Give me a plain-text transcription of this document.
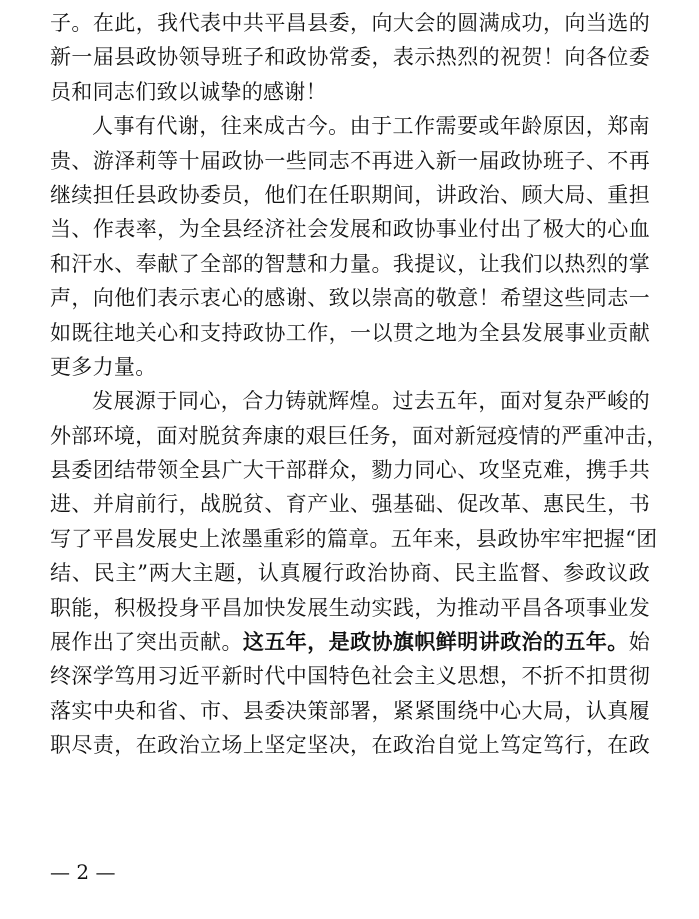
子。在此，我代表中共平昌县委，向大会的圆满成功，向当选的
新一届县政协领导班子和政协常委，表示热烈的祝贺！向各位委
员和同志们致以诚挚的感谢！
人事有代谢，往来成古今。由于工作需要或年龄原因，郑南
贵、游泽莉等十届政协一些同志不再进入新一届政协班子、不再
继续担任县政协委员，他们在任职期间，讲政治、顾大局、重担
当、作表率，为全县经济社会发展和政协事业付出了极大的心血
和汗水、奉献了全部的智慧和力量。我提议，让我们以热烈的掌
声，向他们表示衷心的感谢、致以崇高的敬意！希望这些同志一
如既往地关心和支持政协工作，一以贯之地为全县发展事业贡献
更多力量。
发展源于同心，合力铸就辉煌。过去五年，面对复杂严峻的
外部环境，面对脱贫奔康的艰巨任务，面对新冠疫情的严重冲击，
县委团结带领全县广大干部群众，勠力同心、攻坚克难，携手共
进、并肩前行，战脱贫、育产业、强基础、促改革、惠民生，书
写了平昌发展史上浓墨重彩的篇章。五年来，县政协牢牢把握“团
结、民主”两大主题，认真履行政治协商、民主监督、参政议政
职能，积极投身平昌加快发展生动实践，为推动平昌各项事业发
展作出了突出贡献。这五年，是政协旗帜鲜明讲政治的五年。始
终深学笃用习近平新时代中国特色社会主义思想，不折不扣贯彻
落实中央和省、市、县委决策部署，紧紧围绕中心大局，认真履
职尽责，在政治立场上坚定坚决，在政治自觉上笃定笃行，在政
— 2 —
